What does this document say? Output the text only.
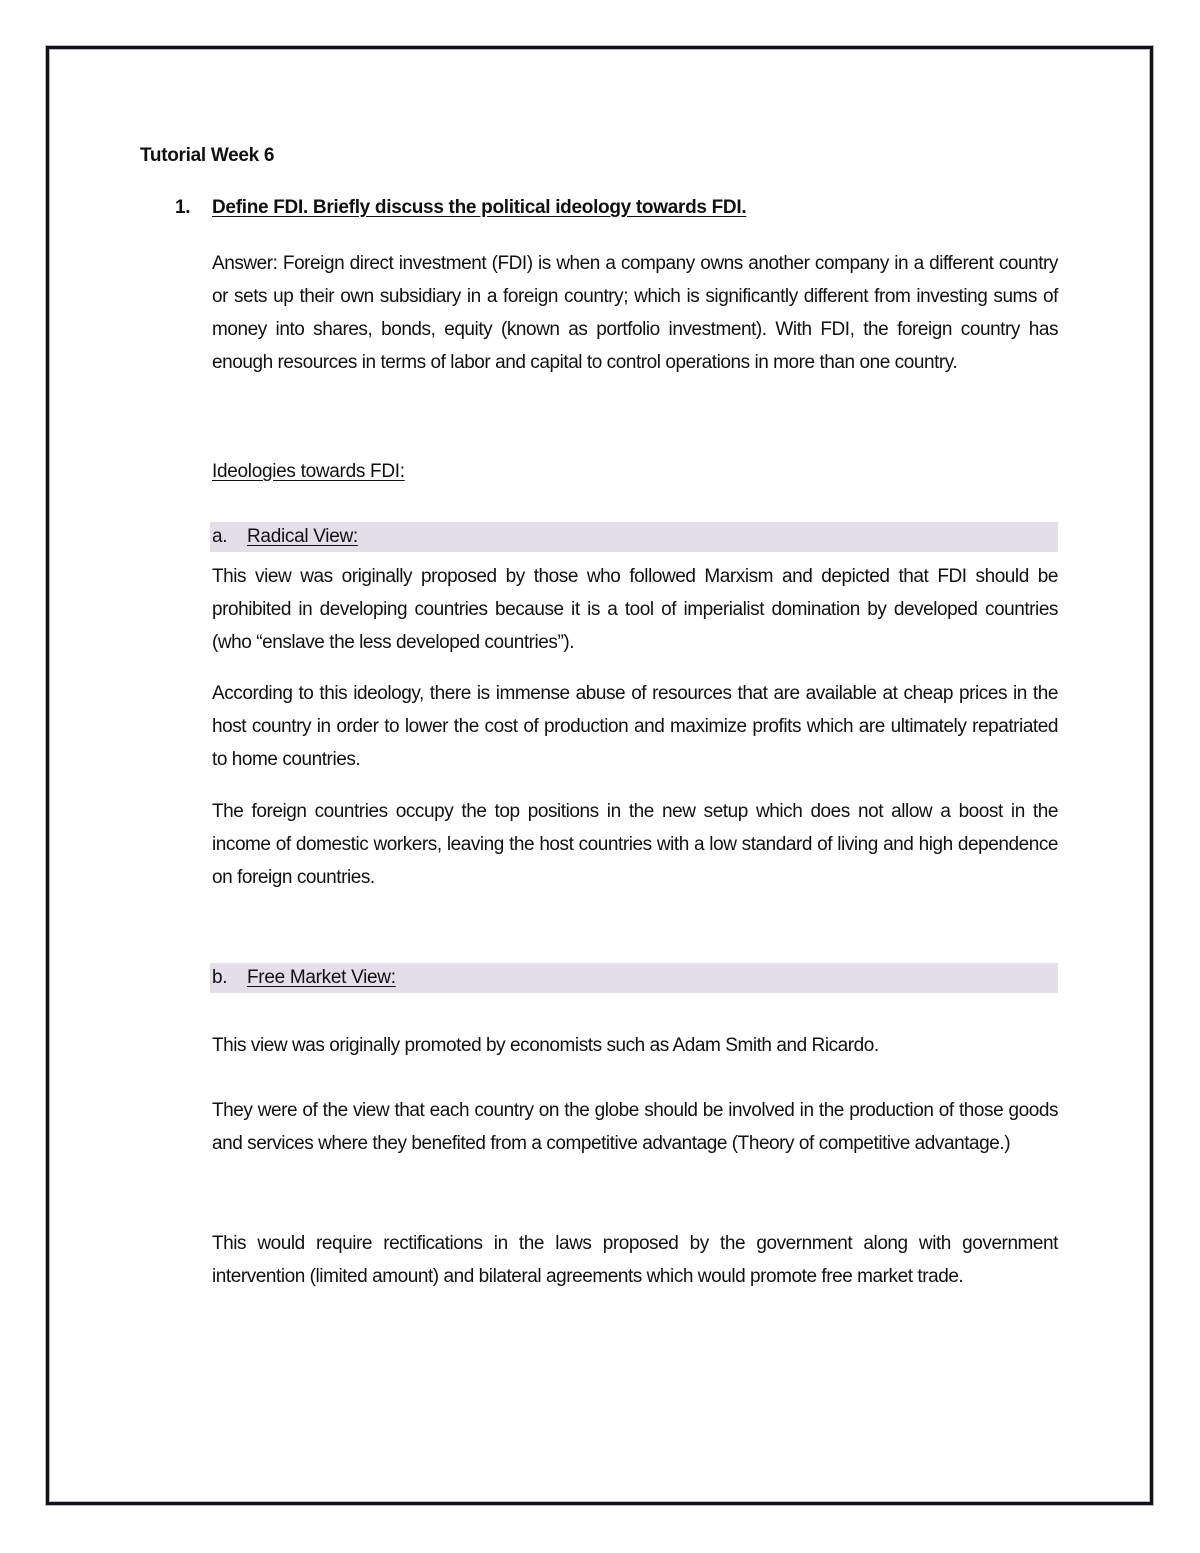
Tutorial Week 6
1. Define FDI. Briefly discuss the political ideology towards FDI.

Answer: Foreign direct investment (FDI) is when a company owns another company in a different country or sets up their own subsidiary in a foreign country; which is significantly different from investing sums of money into shares, bonds, equity (known as portfolio investment). With FDI, the foreign country has enough resources in terms of labor and capital to control operations in more than one country.

Ideologies towards FDI:
a. Radical View:

This view was originally proposed by those who followed Marxism and depicted that FDI should be prohibited in developing countries because it is a tool of imperialist domination by developed countries (who “enslave the less developed countries”).

According to this ideology, there is immense abuse of resources that are available at cheap prices in the host country in order to lower the cost of production and maximize profits which are ultimately repatriated to home countries.

The foreign countries occupy the top positions in the new setup which does not allow a boost in the income of domestic workers, leaving the host countries with a low standard of living and high dependence on foreign countries.

b. Free Market View:

This view was originally promoted by economists such as Adam Smith and Ricardo.

They were of the view that each country on the globe should be involved in the production of those goods and services where they benefited from a competitive advantage (Theory of competitive advantage.)

This would require rectifications in the laws proposed by the government along with government intervention (limited amount) and bilateral agreements which would promote free market trade.
